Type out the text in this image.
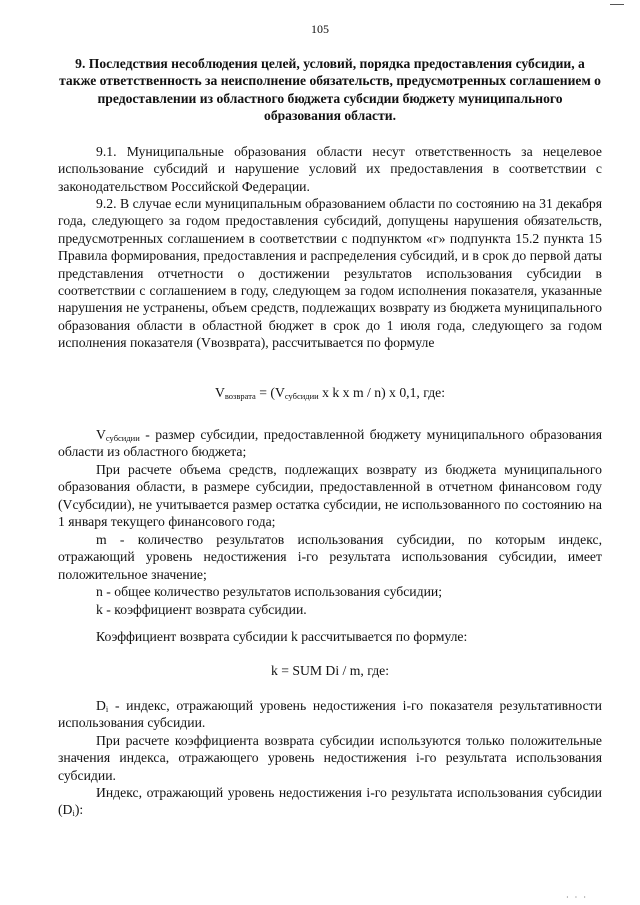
105
9. Последствия несоблюдения целей, условий, порядка предоставления субсидии, а также ответственность за неисполнение обязательств, предусмотренных соглашением о предоставлении из областного бюджета субсидии бюджету муниципального образования области.
9.1. Муниципальные образования области несут ответственность за нецелевое использование субсидий и нарушение условий их предоставления в соответствии с законодательством Российской Федерации.
9.2. В случае если муниципальным образованием области по состоянию на 31 декабря года, следующего за годом предоставления субсидий, допущены нарушения обязательств, предусмотренных соглашением в соответствии с подпунктом «г» подпункта 15.2 пункта 15 Правила формирования, предоставления и распределения субсидий, и в срок до первой даты представления отчетности о достижении результатов использования субсидии в соответствии с соглашением в году, следующем за годом исполнения показателя, указанные нарушения не устранены, объем средств, подлежащих возврату из бюджета муниципального образования области в областной бюджет в срок до 1 июля года, следующего за годом исполнения показателя (Vвозврата), рассчитывается по формуле
$V_{возврата} = (V_{субсидии}$ x k x m / n) x 0,1, где:
$V_{субсидии}$ - размер субсидии, предоставленной бюджету муниципального образования области из областного бюджета;
При расчете объема средств, подлежащих возврату из бюджета муниципального образования области, в размере субсидии, предоставленной в отчетном финансовом году (Vсубсидии), не учитывается размер остатка субсидии, не использованного по состоянию на 1 января текущего финансового года;
m - количество результатов использования субсидии, по которым индекс, отражающий уровень недостижения i-го результата использования субсидии, имеет положительное значение;
n - общее количество результатов использования субсидии;
k - коэффициент возврата субсидии.
Коэффициент возврата субсидии k рассчитывается по формуле:
k = SUM Di / m, где:
$D_i$ - индекс, отражающий уровень недостижения i-го показателя результативности использования субсидии.
При расчете коэффициента возврата субсидии используются только положительные значения индекса, отражающего уровень недостижения i-го результата использования субсидии.
Индекс, отражающий уровень недостижения i-го результата использования субсидии $(D_i)$:
· · ·
